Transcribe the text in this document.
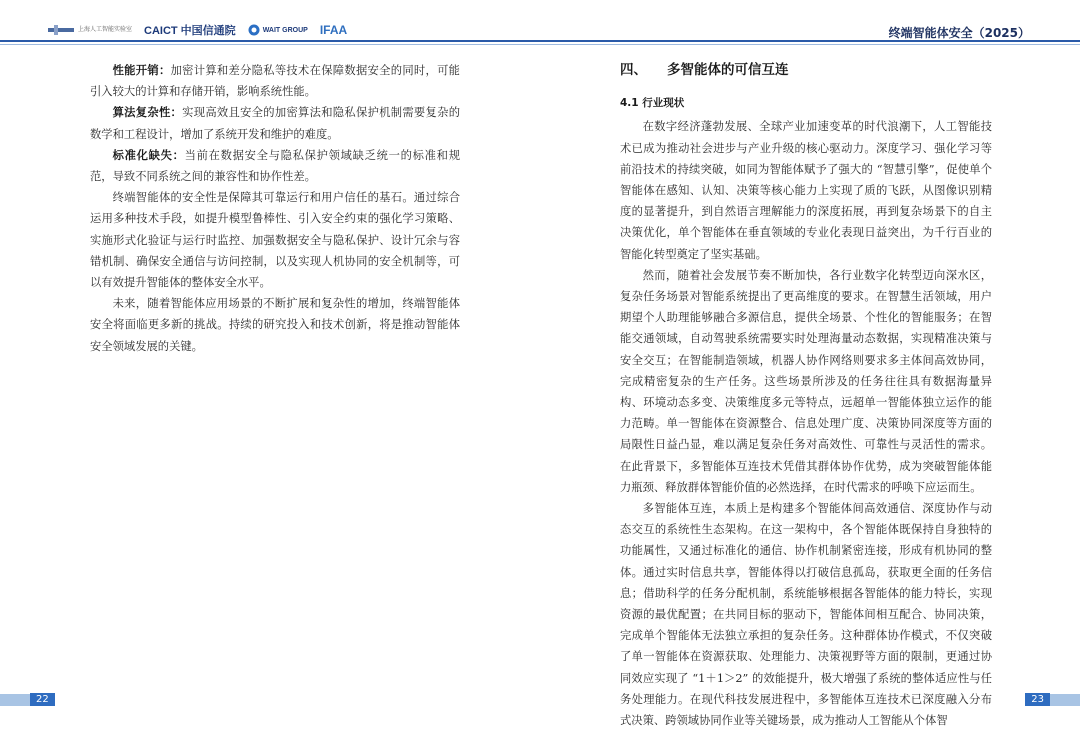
上海人工智能实验室 CAICT 中国信通院	WAIT GROUP IFAA	终端智能体安全（2025）

性能开销：加密计算和差分隐私等技术在保障数据安全的同时，可能引入较大的计算和存储开销，影响系统性能。

算法复杂性：实现高效且安全的加密算法和隐私保护机制需要复杂的数学和工程设计，增加了系统开发和维护的难度。

标准化缺失：当前在数据安全与隐私保护领域缺乏统一的标准和规范，导致不同系统之间的兼容性和协作性差。

终端智能体的安全性是保障其可靠运行和用户信任的基石。通过综合运用多种技术手段，如提升模型鲁棒性、引入安全约束的强化学习策略、实施形式化验证与运行时监控、加强数据安全与隐私保护、设计冗余与容错机制、确保安全通信与访问控制，以及实现人机协同的安全机制等，可以有效提升智能体的整体安全水平。

未来，随着智能体应用场景的不断扩展和复杂性的增加，终端智能体安全将面临更多新的挑战。持续的研究投入和技术创新，将是推动智能体安全领域发展的关键。

四、 多智能体的可信互连
4.1 行业现状

在数字经济蓬勃发展、全球产业加速变革的时代浪潮下，人工智能技术已成为推动社会进步与产业升级的核心驱动力。深度学习、强化学习等前沿技术的持续突破，如同为智能体赋予了强大的 “智慧引擎”，促使单个智能体在感知、认知、决策等核心能力上实现了质的飞跃，从图像识别精度的显著提升，到自然语言理解能力的深度拓展，再到复杂场景下的自主决策优化，单个智能体在垂直领域的专业化表现日益突出，为千行百业的智能化转型奠定了坚实基础。

然而，随着社会发展节奏不断加快，各行业数字化转型迈向深水区，复杂任务场景对智能系统提出了更高维度的要求。在智慧生活领域，用户期望个人助理能够融合多源信息，提供全场景、个性化的智能服务；在智能交通领域，自动驾驶系统需要实时处理海量动态数据，实现精准决策与安全交互；在智能制造领域，机器人协作网络则要求多主体间高效协同，完成精密复杂的生产任务。这些场景所涉及的任务往往具有数据海量异构、环境动态多变、决策维度多元等特点，远超单一智能体独立运作的能力范畴。单一智能体在资源整合、信息处理广度、决策协同深度等方面的局限性日益凸显，难以满足复杂任务对高效性、可靠性与灵活性的需求。在此背景下，多智能体互连技术凭借其群体协作优势，成为突破智能体能力瓶颈、释放群体智能价值的必然选择，在时代需求的呼唤下应运而生。

多智能体互连，本质上是构建多个智能体间高效通信、深度协作与动态交互的系统性生态架构。在这一架构中，各个智能体既保持自身独特的功能属性，又通过标准化的通信、协作机制紧密连接，形成有机协同的整体。通过实时信息共享，智能体得以打破信息孤岛，获取更全面的任务信息；借助科学的任务分配机制，系统能够根据各智能体的能力特长，实现资源的最优配置；在共同目标的驱动下，智能体间相互配合、协同决策，完成单个智能体无法独立承担的复杂任务。这种群体协作模式，不仅突破了单一智能体在资源获取、处理能力、决策视野等方面的限制，更通过协同效应实现了 “1＋1＞2” 的效能提升，极大增强了系统的整体适应性与任务处理能力。在现代科技发展进程中，多智能体互连技术已深度融入分布式决策、跨领域协同作业等关键场景，成为推动人工智能从个体智

22	23
